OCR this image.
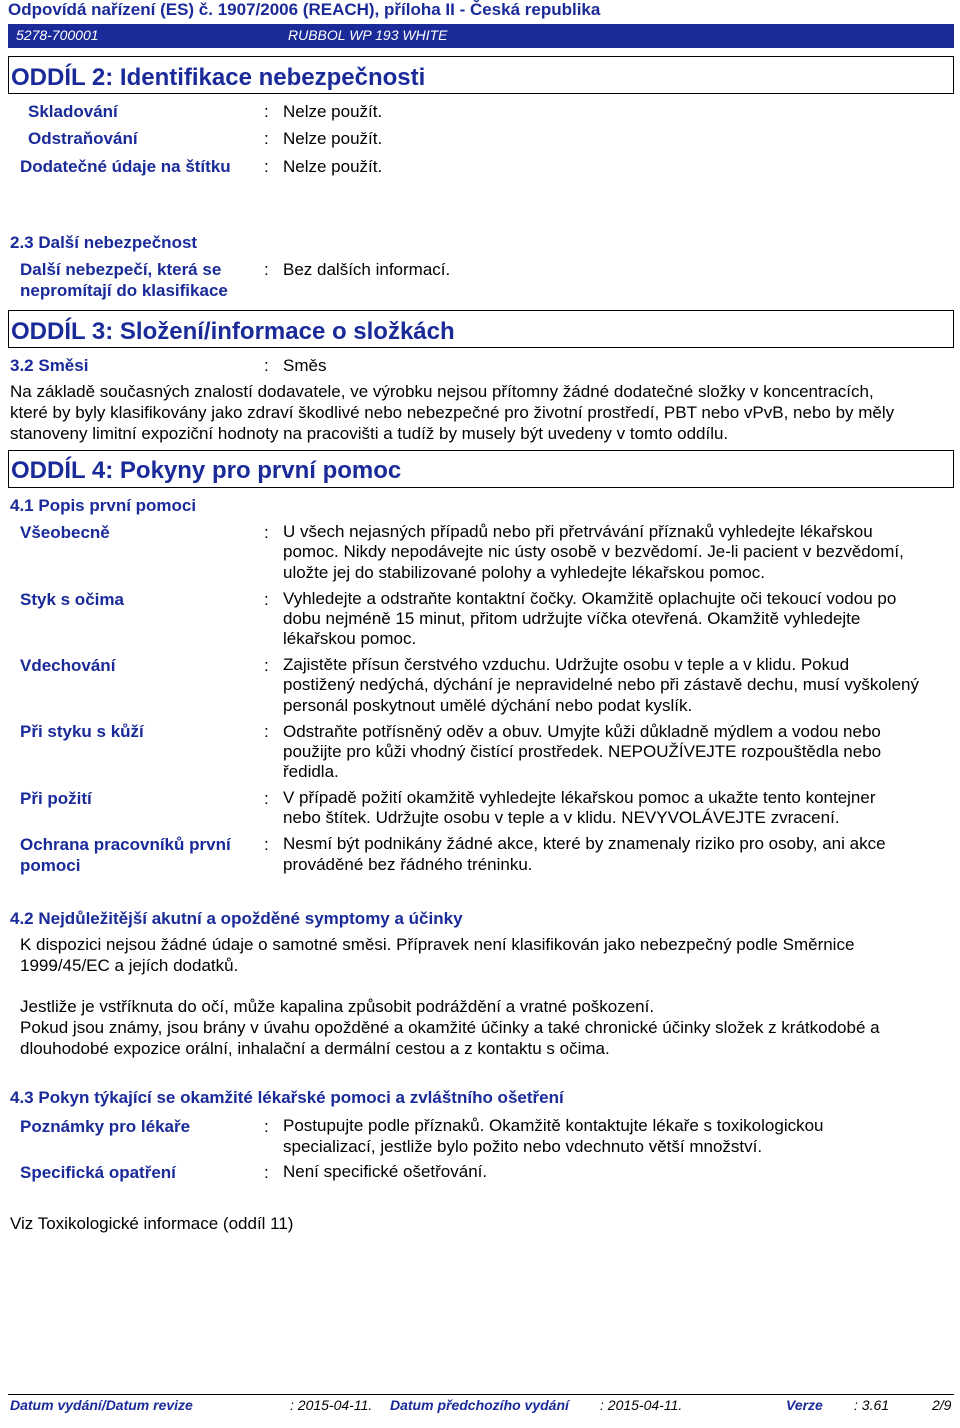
Odpovídá nařízení (ES) č. 1907/2006 (REACH), příloha II - Česká republika
5278-700001	RUBBOL WP 193 WHITE
ODDÍL 2: Identifikace nebezpečnosti
Skladování	: Nelze použít.
Odstraňování	: Nelze použít.
Dodatečné údaje na štítku : Nelze použít.
2.3 Další nebezpečnost
Další nebezpečí, která se
nepromítají do klasifikace
: Bez dalších informací.
ODDÍL 3: Složení/informace o složkách
3.2 Směsi	: Směs
Na základě současných znalostí dodavatele, ve výrobku nejsou přítomny žádné dodatečné složky v koncentracích,
které by byly klasifikovány jako zdraví škodlivé nebo nebezpečné pro životní prostředí, PBT nebo vPvB, nebo by měly
stanoveny limitní expoziční hodnoty na pracovišti a tudíž by musely být uvedeny v tomto oddílu.
ODDÍL 4: Pokyny pro první pomoc
4.1 Popis první pomoci
Všeobecně	: U všech nejasných případů nebo při přetrvávání příznaků vyhledejte lékařskou
pomoc. Nikdy nepodávejte nic ústy osobě v bezvědomí. Je-li pacient v bezvědomí,
uložte jej do stabilizované polohy a vyhledejte lékařskou pomoc.
Styk s očima	: Vyhledejte a odstraňte kontaktní čočky. Okamžitě oplachujte oči tekoucí vodou po
dobu nejméně 15 minut, přitom udržujte víčka otevřená. Okamžitě vyhledejte
lékařskou pomoc.
Vdechování	: Zajistěte přísun čerstvého vzduchu. Udržujte osobu v teple a v klidu. Pokud
postižený nedýchá, dýchání je nepravidelné nebo při zástavě dechu, musí vyškolený
personál poskytnout umělé dýchání nebo podat kyslík.
Při styku s kůží	: Odstraňte potřísněný oděv a obuv. Umyjte kůži důkladně mýdlem a vodou nebo
použijte pro kůži vhodný čistící prostředek. NEPOUŽÍVEJTE rozpouštědla nebo
ředidla.
Při požití	: V případě požití okamžitě vyhledejte lékařskou pomoc a ukažte tento kontejner
nebo štítek. Udržujte osobu v teple a v klidu. NEVYVOLÁVEJTE zvracení.
Ochrana pracovníků první
pomoci
: Nesmí být podnikány žádné akce, které by znamenaly riziko pro osoby, ani akce
prováděné bez řádného tréninku.
4.2 Nejdůležitější akutní a opožděné symptomy a účinky
K dispozici nejsou žádné údaje o samotné směsi. Přípravek není klasifikován jako nebezpečný podle Směrnice
1999/45/EC a jejích dodatků.
Jestliže je vstříknuta do očí, může kapalina způsobit podráždění a vratné poškození.
Pokud jsou známy, jsou brány v úvahu opožděné a okamžité účinky a také chronické účinky složek z krátkodobé a
dlouhodobé expozice orální, inhalační a dermální cestou a z kontaktu s očima.
4.3 Pokyn týkající se okamžité lékařské pomoci a zvláštního ošetření
Poznámky pro lékaře	: Postupujte podle příznaků. Okamžitě kontaktujte lékaře s toxikologickou
specializací, jestliže bylo požito nebo vdechnuto větší množství.
Specifická opatření	: Není specifické ošetřování.
Viz Toxikologické informace (oddíl 11)
Datum vydání/Datum revize	: 2015-04-11. Datum předchozího vydání : 2015-04-11.	Verze : 3.61	2/9
